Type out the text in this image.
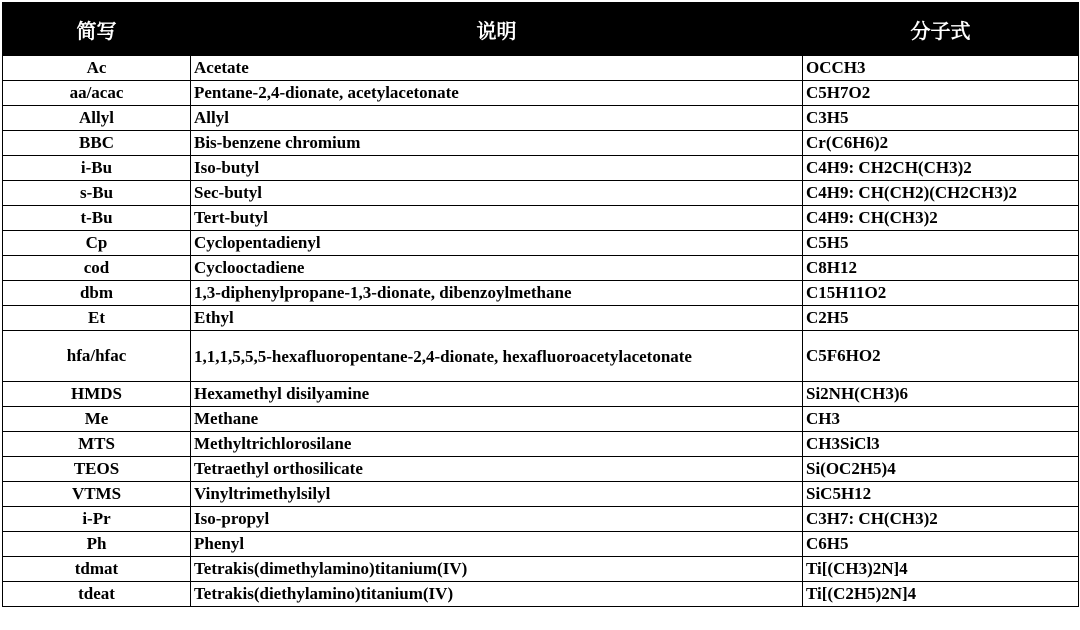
简写	说明	分子式
Ac	Acetate	OCCH3
aa/acac	Pentane-2,4-dionate, acetylacetonate	C5H7O2
Allyl	Allyl	C3H5
BBC	Bis-benzene chromium	Cr(C6H6)2
i-Bu	Iso-butyl	C4H9: CH2CH(CH3)2
s-Bu	Sec-butyl	C4H9: CH(CH2)(CH2CH3)2
t-Bu	Tert-butyl	C4H9: CH(CH3)2
Cp	Cyclopentadienyl	C5H5
cod	Cyclooctadiene	C8H12
dbm	1,3-diphenylpropane-1,3-dionate, dibenzoylmethane	C15H11O2
Et	Ethyl	C2H5
hfa/hfac	1,1,1,5,5,5-hexafluoropentane-2,4-dionate, hexafluoroacetylacetonate	C5F6HO2
HMDS	Hexamethyl disilyamine	Si2NH(CH3)6
Me	Methane	CH3
MTS	Methyltrichlorosilane	CH3SiCl3
TEOS	Tetraethyl orthosilicate	Si(OC2H5)4
VTMS	Vinyltrimethylsilyl	SiC5H12
i-Pr	Iso-propyl	C3H7: CH(CH3)2
Ph	Phenyl	C6H5
tdmat	Tetrakis(dimethylamino)titanium(IV)	Ti[(CH3)2N]4
tdeat	Tetrakis(diethylamino)titanium(IV)	Ti[(C2H5)2N]4
